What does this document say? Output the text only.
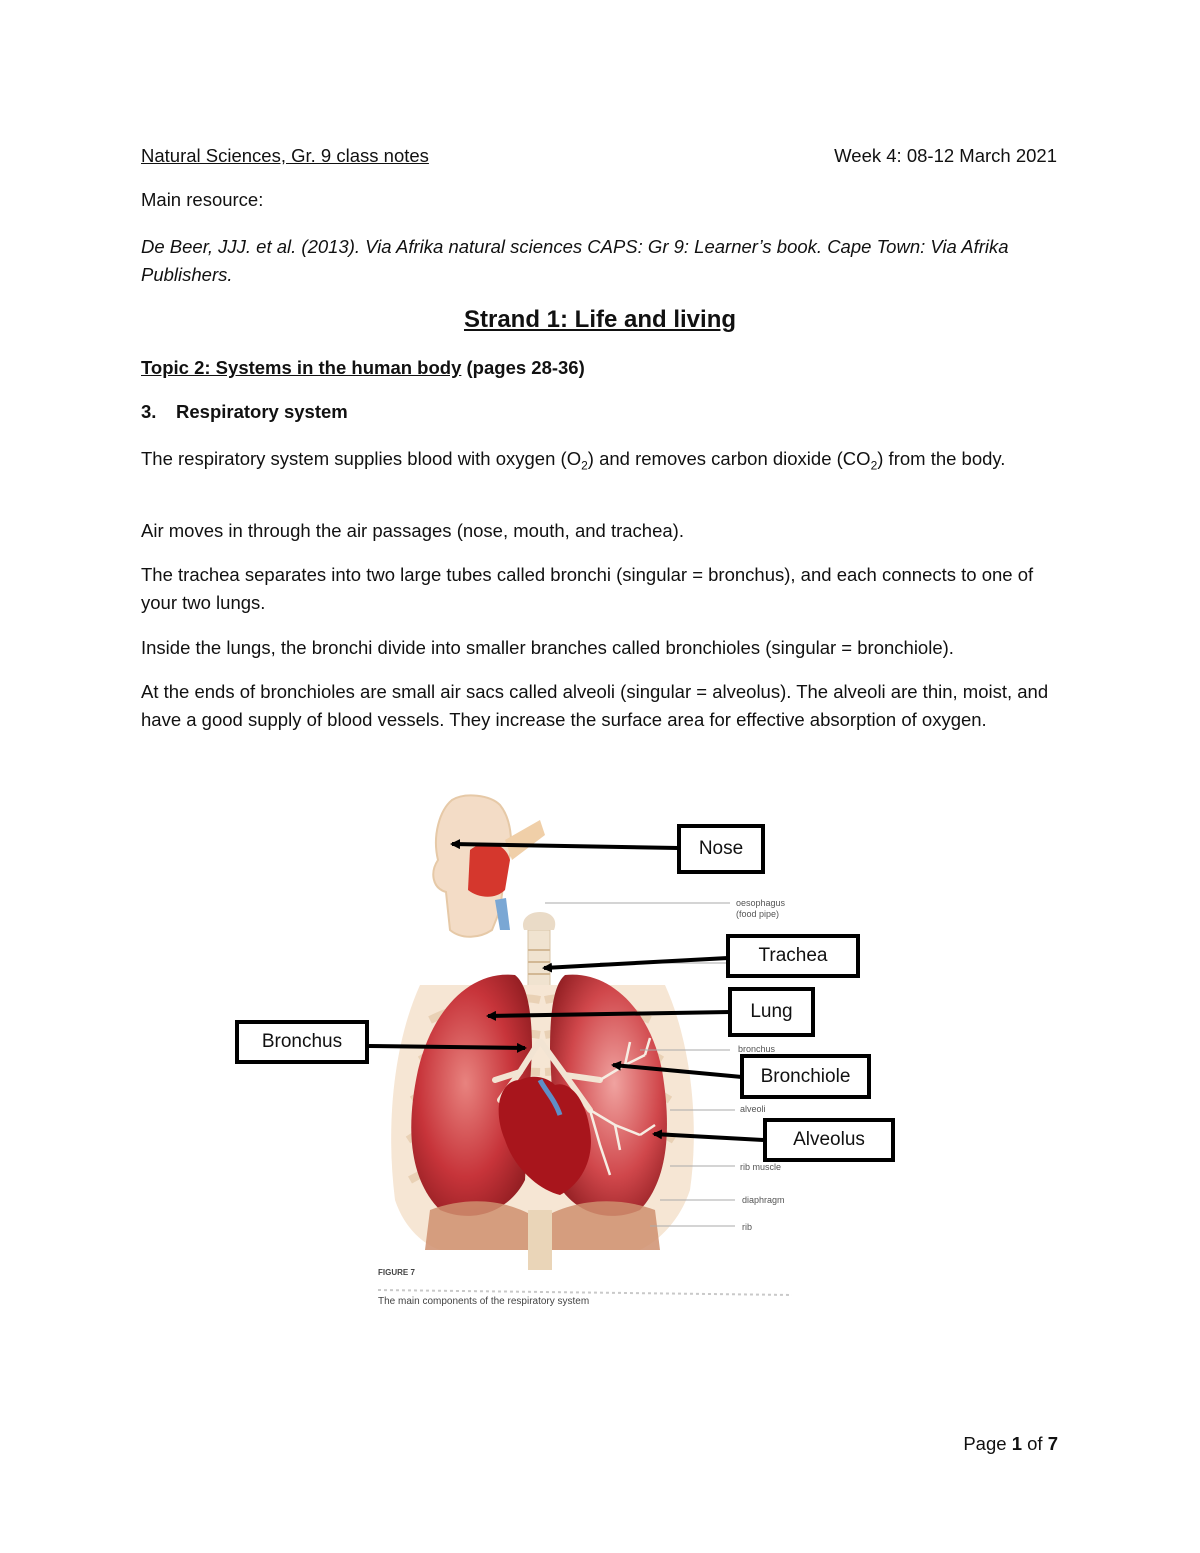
Natural Sciences, Gr. 9 class notes	Week 4: 08-12 March 2021
Main resource:
De Beer, JJJ. et al. (2013). Via Afrika natural sciences CAPS: Gr 9: Learner’s book. Cape Town: Via Afrika
Publishers.
Strand 1: Life and living
Topic 2: Systems in the human body (pages 28-36)
3. Respiratory system

The respiratory system supplies blood with oxygen $(O_2)$ and removes carbon dioxide $(CO_2)$ from the body.

Air moves in through the air passages (nose, mouth, and trachea).

The trachea separates into two large tubes called bronchi (singular = bronchus), and each connects to one of your two lungs.

Inside the lungs, the bronchi divide into smaller branches called bronchioles (singular = bronchiole).

At the ends of bronchioles are small air sacs called alveoli (singular = alveolus). The alveoli are thin, moist, and have a good supply of blood vessels. They increase the surface area for effective absorption of oxygen.

oesophagus
(food pipe)
bronchus
alveoli
rib muscle
diaphragm
rib
FIGURE 7
The main components of the respiratory system
Nose
Trachea
Lung
Bronchus
Bronchiole
Alveolus
Page 1 of 7
